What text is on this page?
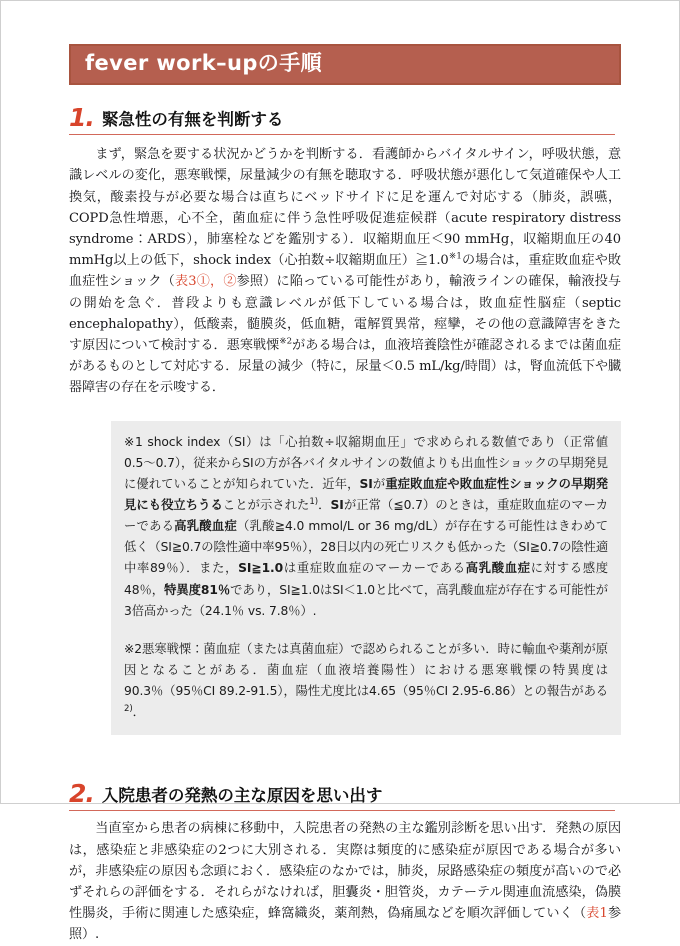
fever work–upの手順
1. 緊急性の有無を判断する

　まず，緊急を要する状況かどうかを判断する．看護師からバイタルサイン，呼吸状態，意識レベルの変化，悪寒戦慄，尿量減少の有無を聴取する．呼吸状態が悪化して気道確保や人工換気，酸素投与が必要な場合は直ちにベッドサイドに足を運んで対応する（肺炎，誤嚥，COPD急性増悪，心不全，菌血症に伴う急性呼吸促進症候群（acute respiratory distress syndrome：ARDS），肺塞栓などを鑑別する）．収縮期血圧＜90 mmHg，収縮期血圧の40 mmHg以上の低下，shock index（心拍数÷収縮期血圧）≧1.0$^{※1}$の場合は，重症敗血症や敗血症性ショック（表3①，②参照）に陥っている可能性があり，輸液ラインの確保，輸液投与の開始を急ぐ．普段よりも意識レベルが低下している場合は，敗血症性脳症（septic encephalopathy），低酸素，髄膜炎，低血糖，電解質異常，痙攣，その他の意識障害をきたす原因について検討する．悪寒戦慄$^{※2}$がある場合は，血液培養陰性が確認されるまでは菌血症があるものとして対応する．尿量の減少（特に，尿量＜0.5 mL/kg/時間）は，腎血流低下や臓器障害の存在を示唆する．

※1 shock index（SI）は「心拍数÷収縮期血圧」で求められる数値であり（正常値0.5〜0.7），従来からSIの方が各バイタルサインの数値よりも出血性ショックの早期発見に優れていることが知られていた．近年，SIが重症敗血症や敗血症性ショックの早期発見にも役立ちうることが示された$^{1)}$．SIが正常（≦0.7）のときは，重症敗血症のマーカーである高乳酸血症（乳酸≧4.0 mmol/L or 36 mg/dL）が存在する可能性はきわめて低く（SI≧0.7の陰性適中率95％），28日以内の死亡リスクも低かった（SI≧0.7の陰性適中率89％）．また，SI≧1.0は重症敗血症のマーカーである高乳酸血症に対する感度48％，特異度81％であり，SI≧1.0はSI＜1.0と比べて，高乳酸血症が存在する可能性が3倍高かった（24.1％ vs. 7.8％）.
※2悪寒戦慄：菌血症（または真菌血症）で認められることが多い．時に輸血や薬剤が原因となることがある．菌血症（血液培養陽性）における悪寒戦慄の特異度は90.3％（95％CI 89.2-91.5），陽性尤度比は4.65（95％CI 2.95-6.86）との報告がある$^{2)}$．
2. 入院患者の発熱の主な原因を思い出す

　当直室から患者の病棟に移動中，入院患者の発熱の主な鑑別診断を思い出す．発熱の原因は，感染症と非感染症の2つに大別される．実際は頻度的に感染症が原因である場合が多いが，非感染症の原因も念頭におく．感染症のなかでは，肺炎，尿路感染症の頻度が高いので必ずそれらの評価をする．それらがなければ，胆囊炎・胆管炎，カテーテル関連血流感染，偽膜性腸炎，手術に関連した感染症，蜂窩織炎，薬剤熱，偽痛風などを順次評価していく（表1参照）.
